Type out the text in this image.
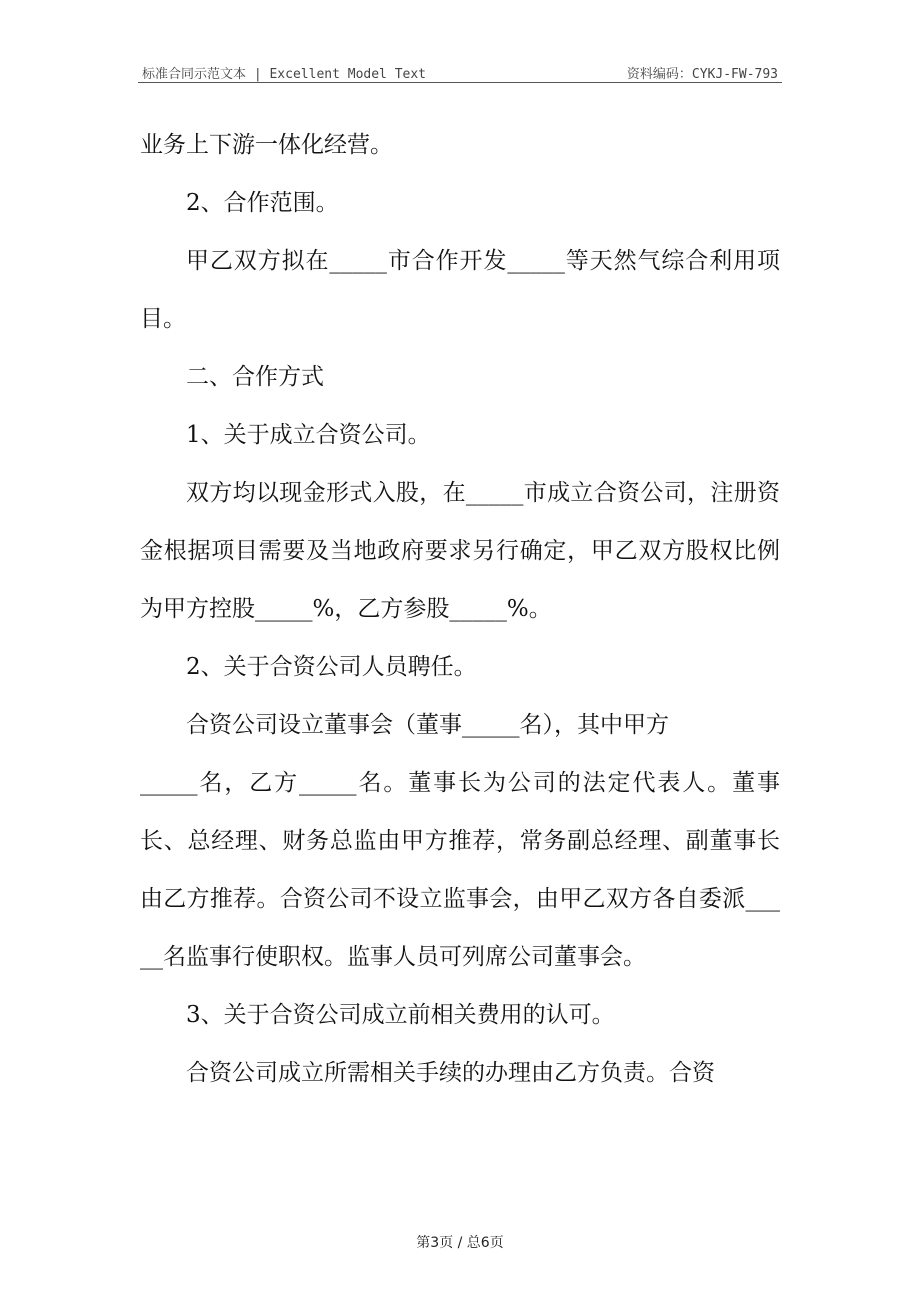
标准合同示范文本 | Excellent Model Text	资料编码：CYKJ-FW-793

业务上下游一体化经营。

2、合作范围。

甲乙双方拟在_____市合作开发_____等天然气综合利用项目。

二、合作方式

1、关于成立合资公司。

双方均以现金形式入股，在_____市成立合资公司，注册资金根据项目需要及当地政府要求另行确定，甲乙双方股权比例为甲方控股_____%，乙方参股_____%。

2、关于合资公司人员聘任。

合资公司设立董事会（董事_____名），其中甲方

_____名，乙方_____名。董事长为公司的法定代表人。董事长、总经理、财务总监由甲方推荐，常务副总经理、副董事长由乙方推荐。合资公司不设立监事会，由甲乙双方各自委派_____名监事行使职权。监事人员可列席公司董事会。

3、关于合资公司成立前相关费用的认可。

合资公司成立所需相关手续的办理由乙方负责。合资

第3页 / 总6页
